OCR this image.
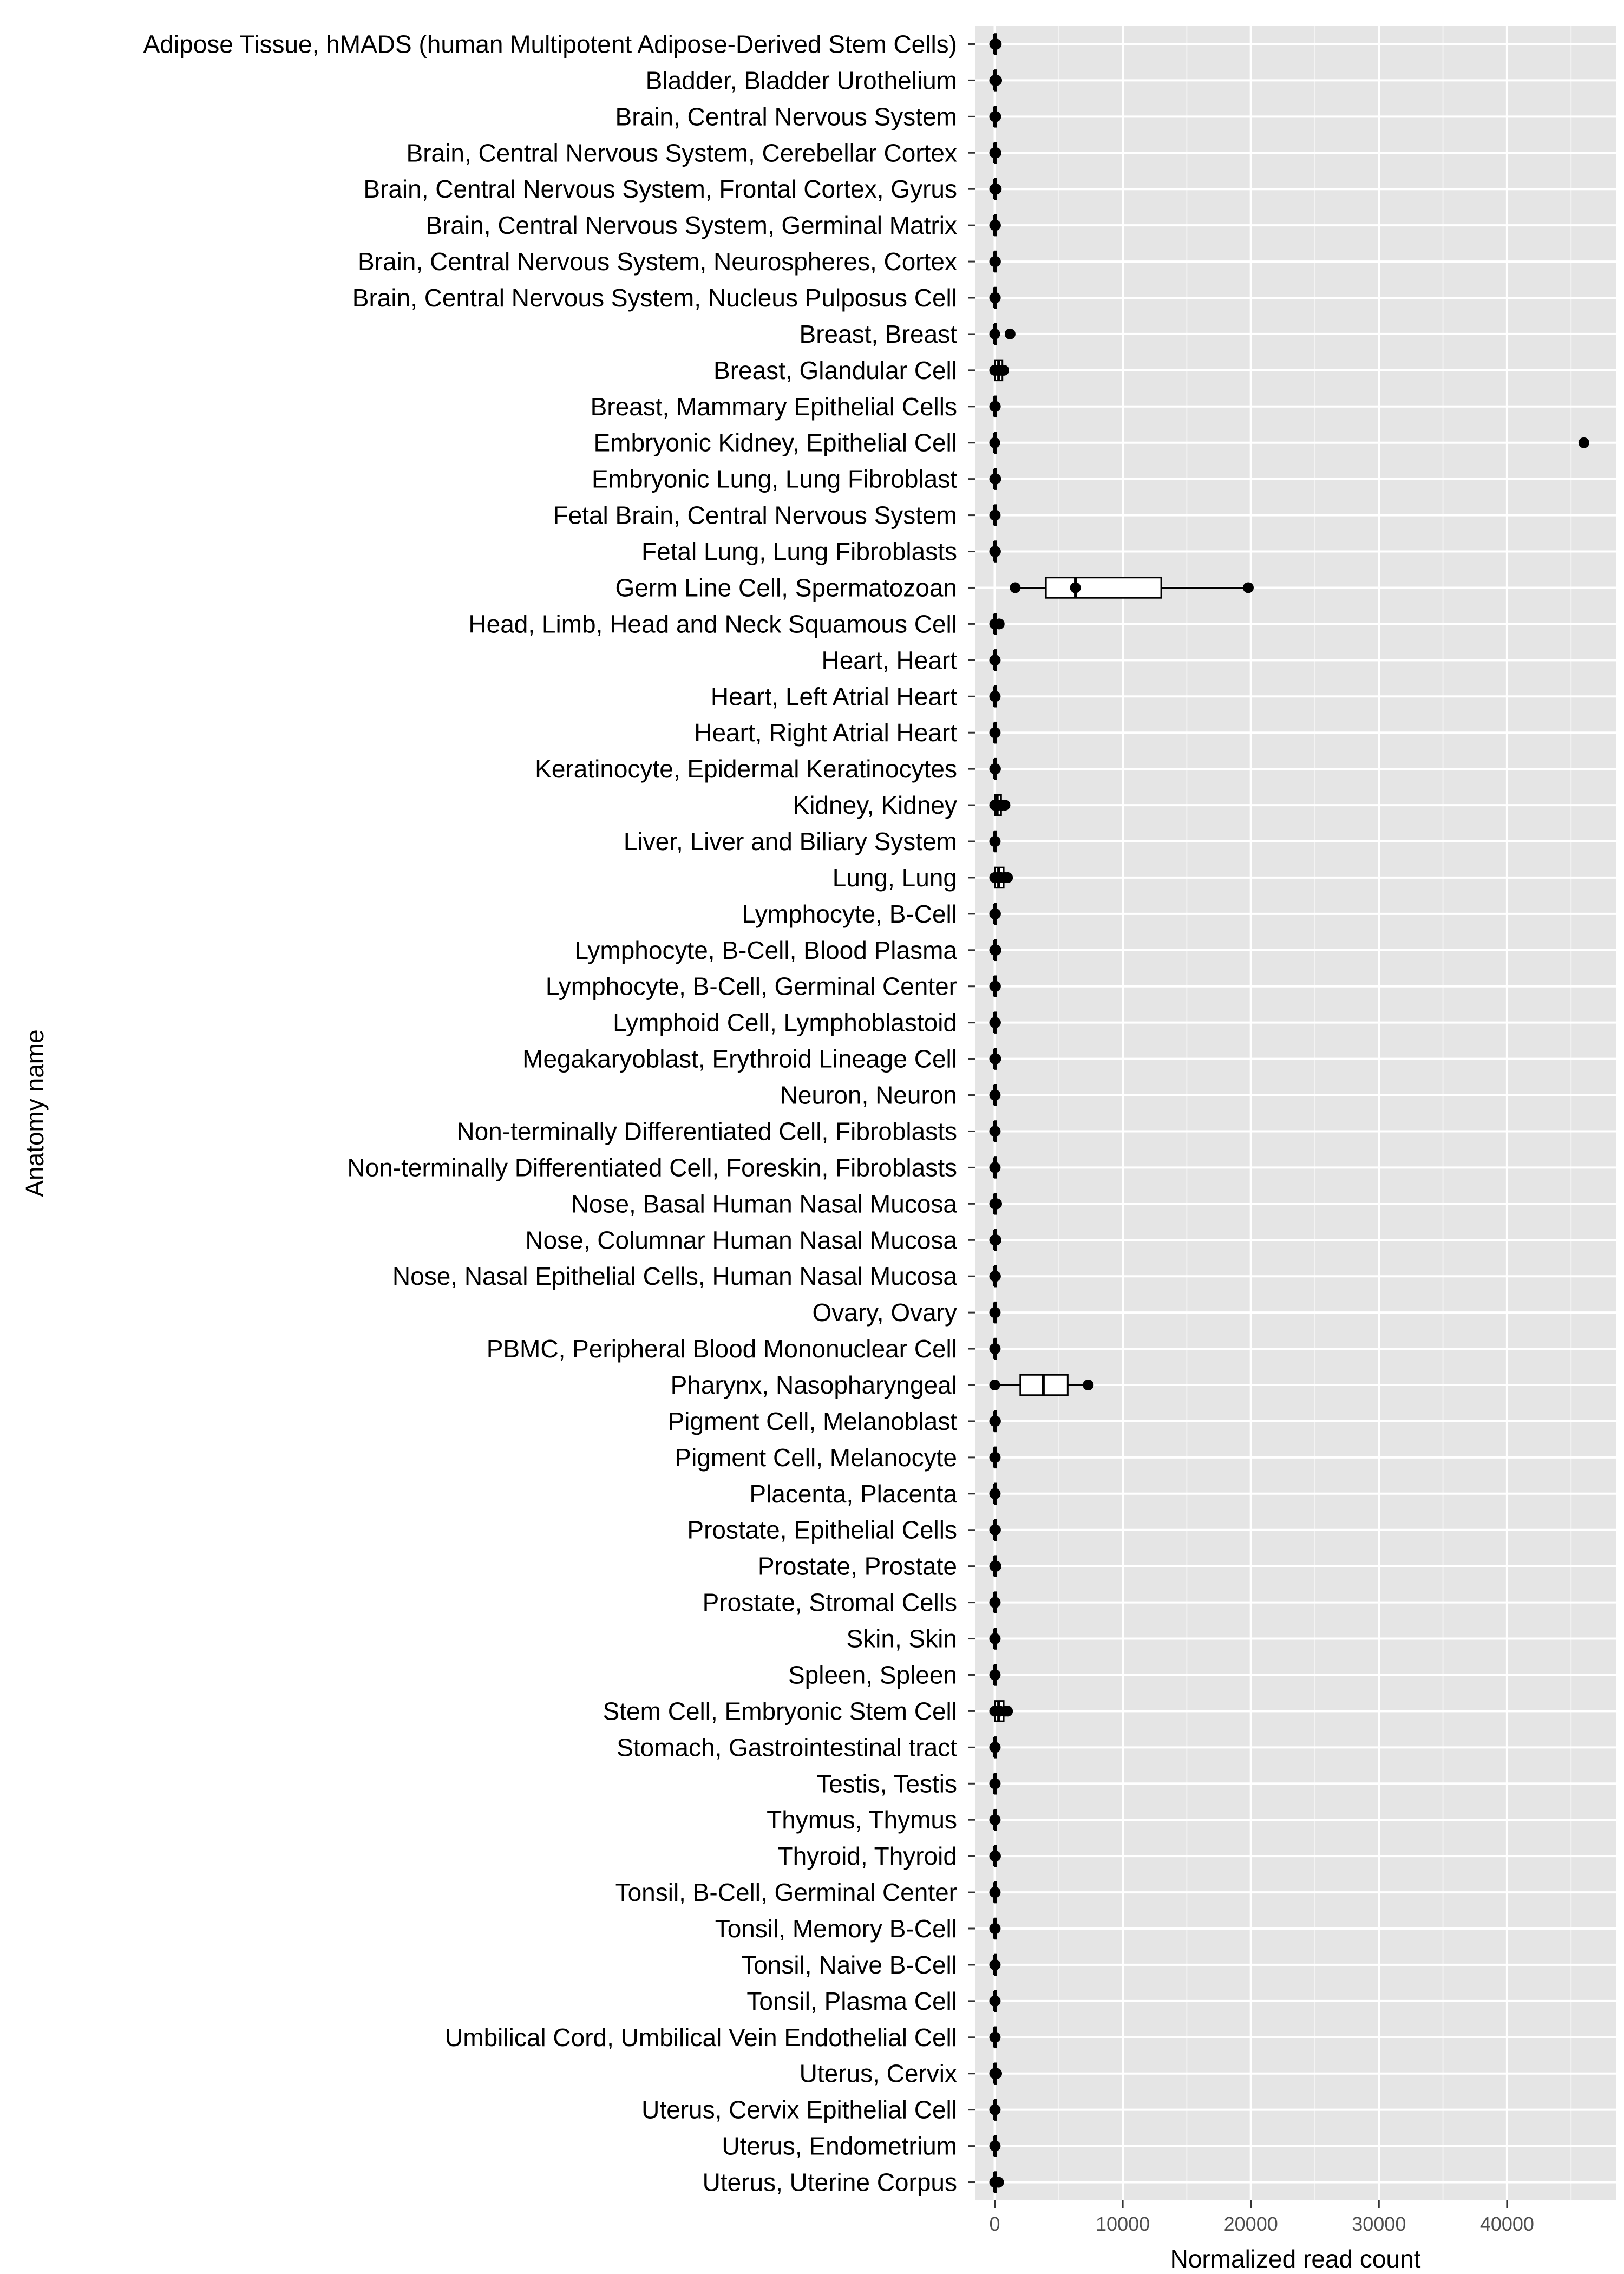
Adipose Tissue, hMADS (human Multipotent Adipose-Derived Stem Cells)
Bladder, Bladder Urothelium
Brain, Central Nervous System
Brain, Central Nervous System, Cerebellar Cortex
Brain, Central Nervous System, Frontal Cortex, Gyrus
Brain, Central Nervous System, Germinal Matrix
Brain, Central Nervous System, Neurospheres, Cortex
Brain, Central Nervous System, Nucleus Pulposus Cell
Breast, Breast
Breast, Glandular Cell
Breast, Mammary Epithelial Cells
Embryonic Kidney, Epithelial Cell
Embryonic Lung, Lung Fibroblast
Fetal Brain, Central Nervous System
Fetal Lung, Lung Fibroblasts
Germ Line Cell, Spermatozoan
Head, Limb, Head and Neck Squamous Cell
Heart, Heart
Heart, Left Atrial Heart
Heart, Right Atrial Heart
Keratinocyte, Epidermal Keratinocytes
Kidney, Kidney
Liver, Liver and Biliary System
Lung, Lung
Lymphocyte, B-Cell
Lymphocyte, B-Cell, Blood Plasma
Lymphocyte, B-Cell, Germinal Center
Lymphoid Cell, Lymphoblastoid
Megakaryoblast, Erythroid Lineage Cell
Neuron, Neuron
Non-terminally Differentiated Cell, Fibroblasts
Non-terminally Differentiated Cell, Foreskin, Fibroblasts
Nose, Basal Human Nasal Mucosa
Nose, Columnar Human Nasal Mucosa
Nose, Nasal Epithelial Cells, Human Nasal Mucosa
Ovary, Ovary
PBMC, Peripheral Blood Mononuclear Cell
Pharynx, Nasopharyngeal
Pigment Cell, Melanoblast
Pigment Cell, Melanocyte
Placenta, Placenta
Prostate, Epithelial Cells
Prostate, Prostate
Prostate, Stromal Cells
Skin, Skin
Spleen, Spleen
Stem Cell, Embryonic Stem Cell
Stomach, Gastrointestinal tract
Testis, Testis
Thymus, Thymus
Thyroid, Thyroid
Tonsil, B-Cell, Germinal Center
Tonsil, Memory B-Cell
Tonsil, Naive B-Cell
Tonsil, Plasma Cell
Umbilical Cord, Umbilical Vein Endothelial Cell
Uterus, Cervix
Uterus, Cervix Epithelial Cell
Uterus, Endometrium
Uterus, Uterine Corpus
0	10000	20000	30000	40000
Normalized read count
Anatomy name
